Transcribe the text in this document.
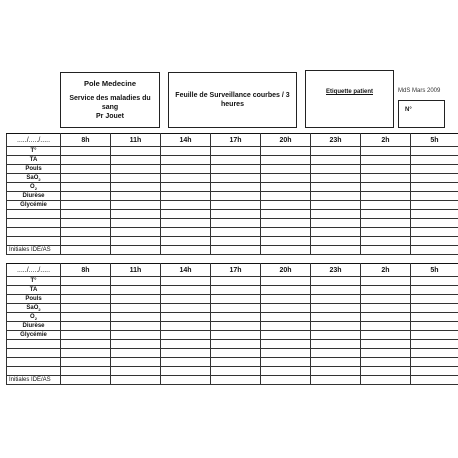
Pole Medecine
Service des maladies du sang
Pr Jouet
Feuille de Surveillance courbes / 3 heures
Etiquette patient	MdS Mars 2009
N°
...../...../.....	8h	11h	14h	17h	20h	23h	2h	5h
T°								
TA								
Pouls								
SaO$_2$								
$O_2$								
Diurèse								
Glycémie								

Initiales IDE/AS								
...../...../.....	8h	11h	14h	17h	20h	23h	2h	5h
T°								
TA								
Pouls								
SaO$_2$								
$O_2$								
Diurèse								
Glycémie								

Initiales IDE/AS								
